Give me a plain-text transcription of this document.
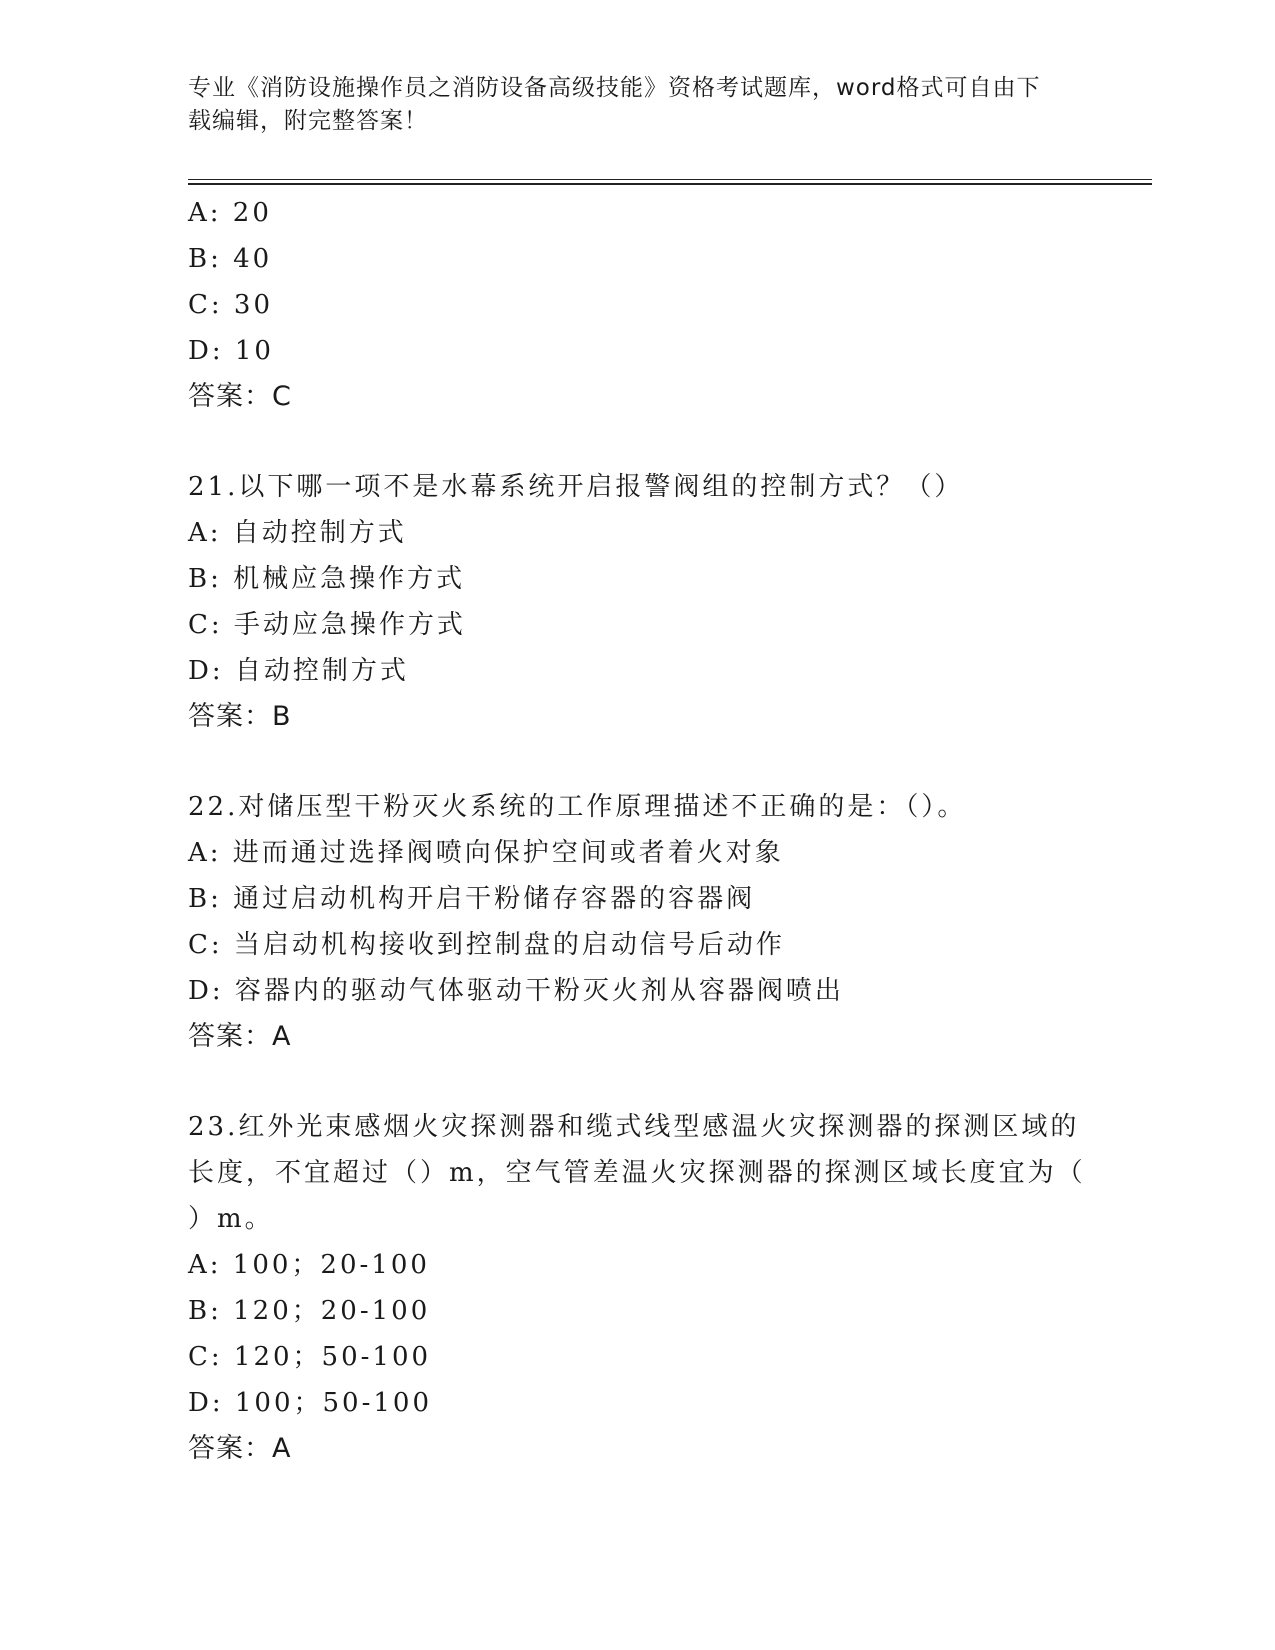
专业《消防设施操作员之消防设备高级技能》资格考试题库，word格式可自由下
载编辑，附完整答案！
A: 20
B: 40
C: 30
D: 10
答案：C
21.以下哪一项不是水幕系统开启报警阀组的控制方式？（）
A: 自动控制方式
B: 机械应急操作方式
C: 手动应急操作方式
D: 自动控制方式
答案：B
22.对储压型干粉灭火系统的工作原理描述不正确的是：（）。
A: 进而通过选择阀喷向保护空间或者着火对象
B: 通过启动机构开启干粉储存容器的容器阀
C: 当启动机构接收到控制盘的启动信号后动作
D: 容器内的驱动气体驱动干粉灭火剂从容器阀喷出
答案：A
23.红外光束感烟火灾探测器和缆式线型感温火灾探测器的探测区域的
长度，不宜超过（）m，空气管差温火灾探测器的探测区域长度宜为（
）m。
A: 100；20-100
B: 120；20-100
C: 120；50-100
D: 100；50-100
答案：A
